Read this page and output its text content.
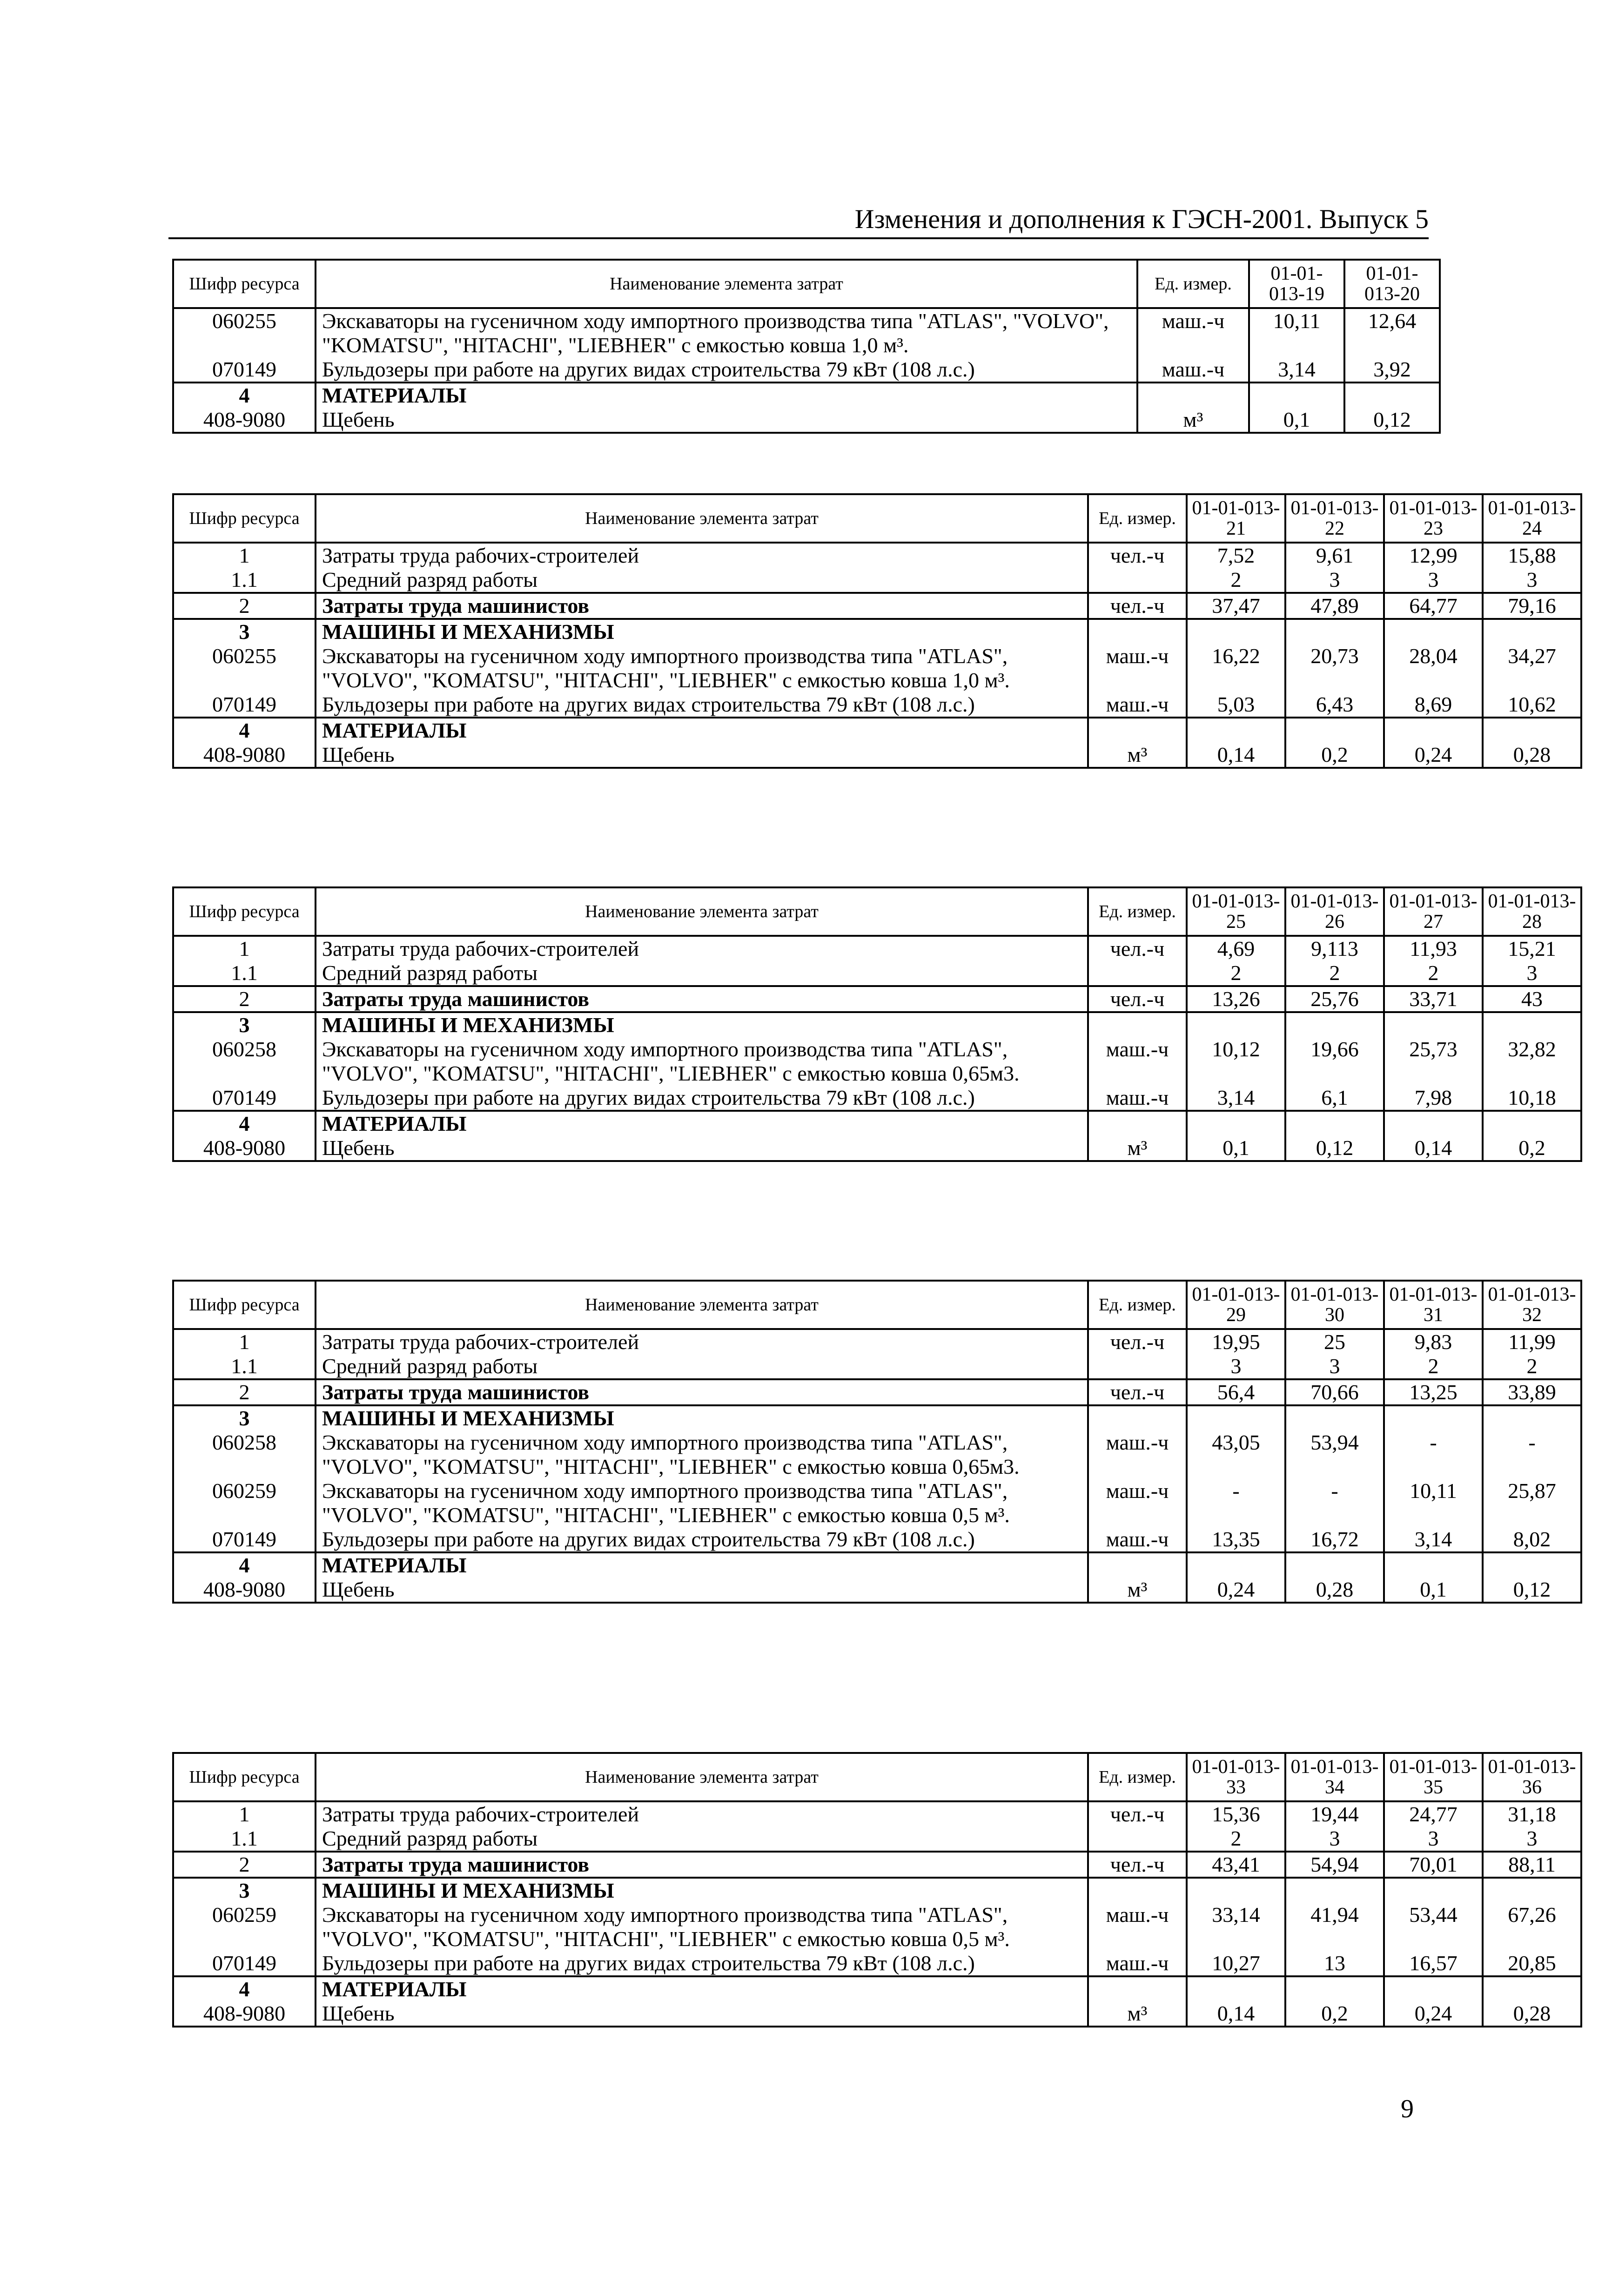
Изменения и дополнения к ГЭСН-2001. Выпуск 5
Шифр ресурса	Наименование элемента затрат	Ед. измер.	01-01-013-19	01-01-013-20
060255	Экскаваторы на гусеничном ходу импортного производства типа "ATLAS", "VOLVO", "KOMATSU", "HITACHI", "LIEBHER" с емкостью ковша 1,0 м³.	маш.-ч	10,11	12,64
070149	Бульдозеры при работе на других видах строительства 79 кВт (108 л.с.)	маш.-ч	3,14	3,92
4	МАТЕРИАЛЫ			
408-9080	Щебень	м³	0,1	0,12
Шифр ресурса	Наименование элемента затрат	Ед. измер.	01-01-013-21	01-01-013-22	01-01-013-23	01-01-013-24
1	Затраты труда рабочих-строителей	чел.-ч	7,52	9,61	12,99	15,88
1.1	Средний разряд работы		2	3	3	3
2	Затраты труда машинистов	чел.-ч	37,47	47,89	64,77	79,16
3	МАШИНЫ И МЕХАНИЗМЫ					
060255	Экскаваторы на гусеничном ходу импортного производства типа "ATLAS", "VOLVO", "KOMATSU", "HITACHI", "LIEBHER" с емкостью ковша 1,0 м³.	маш.-ч	16,22	20,73	28,04	34,27
070149	Бульдозеры при работе на других видах строительства 79 кВт (108 л.с.)	маш.-ч	5,03	6,43	8,69	10,62
4	МАТЕРИАЛЫ					
408-9080	Щебень	м³	0,14	0,2	0,24	0,28
Шифр ресурса	Наименование элемента затрат	Ед. измер.	01-01-013-25	01-01-013-26	01-01-013-27	01-01-013-28
1	Затраты труда рабочих-строителей	чел.-ч	4,69	9,113	11,93	15,21
1.1	Средний разряд работы		2	2	2	3
2	Затраты труда машинистов	чел.-ч	13,26	25,76	33,71	43
3	МАШИНЫ И МЕХАНИЗМЫ					
060258	Экскаваторы на гусеничном ходу импортного производства типа "ATLAS", "VOLVO", "KOMATSU", "HITACHI", "LIEBHER" с емкостью ковша 0,65м3.	маш.-ч	10,12	19,66	25,73	32,82
070149	Бульдозеры при работе на других видах строительства 79 кВт (108 л.с.)	маш.-ч	3,14	6,1	7,98	10,18
4	МАТЕРИАЛЫ					
408-9080	Щебень	м³	0,1	0,12	0,14	0,2
Шифр ресурса	Наименование элемента затрат	Ед. измер.	01-01-013-29	01-01-013-30	01-01-013-31	01-01-013-32
1	Затраты труда рабочих-строителей	чел.-ч	19,95	25	9,83	11,99
1.1	Средний разряд работы		3	3	2	2
2	Затраты труда машинистов	чел.-ч	56,4	70,66	13,25	33,89
3	МАШИНЫ И МЕХАНИЗМЫ					
060258	Экскаваторы на гусеничном ходу импортного производства типа "ATLAS", "VOLVO", "KOMATSU", "HITACHI", "LIEBHER" с емкостью ковша 0,65м3.	маш.-ч	43,05	53,94	-	-
060259	Экскаваторы на гусеничном ходу импортного производства типа "ATLAS", "VOLVO", "KOMATSU", "HITACHI", "LIEBHER" с емкостью ковша 0,5 м³.	маш.-ч	-	-	10,11	25,87
070149	Бульдозеры при работе на других видах строительства 79 кВт (108 л.с.)	маш.-ч	13,35	16,72	3,14	8,02
4	МАТЕРИАЛЫ					
408-9080	Щебень	м³	0,24	0,28	0,1	0,12
Шифр ресурса	Наименование элемента затрат	Ед. измер.	01-01-013-33	01-01-013-34	01-01-013-35	01-01-013-36
1	Затраты труда рабочих-строителей	чел.-ч	15,36	19,44	24,77	31,18
1.1	Средний разряд работы		2	3	3	3
2	Затраты труда машинистов	чел.-ч	43,41	54,94	70,01	88,11
3	МАШИНЫ И МЕХАНИЗМЫ					
060259	Экскаваторы на гусеничном ходу импортного производства типа "ATLAS", "VOLVO", "KOMATSU", "HITACHI", "LIEBHER" с емкостью ковша 0,5 м³.	маш.-ч	33,14	41,94	53,44	67,26
070149	Бульдозеры при работе на других видах строительства 79 кВт (108 л.с.)	маш.-ч	10,27	13	16,57	20,85
4	МАТЕРИАЛЫ					
408-9080	Щебень	м³	0,14	0,2	0,24	0,28
9
